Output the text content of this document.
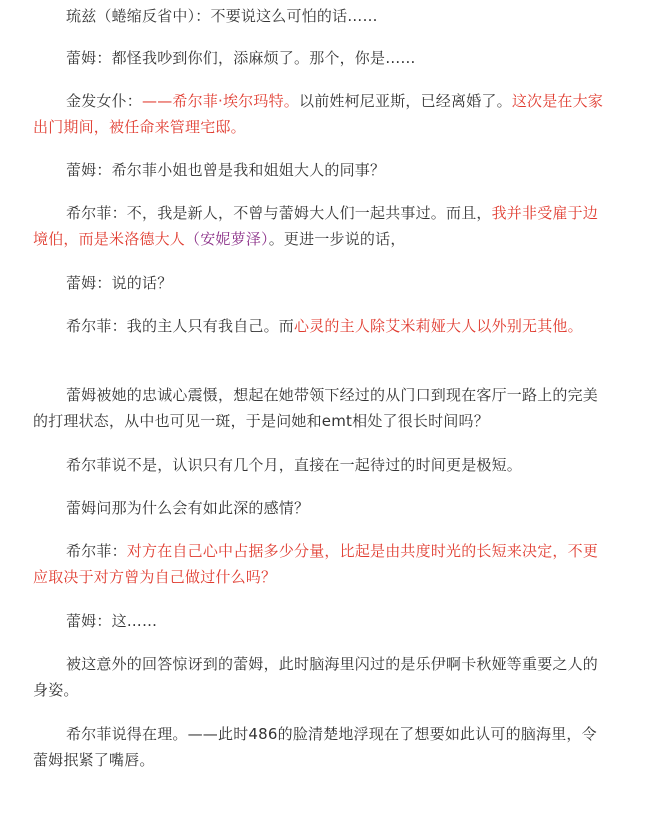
琉兹（蜷缩反省中）：不要说这么可怕的话……

蕾姆：都怪我吵到你们，添麻烦了。那个，你是……

金发女仆：——希尔菲·埃尔玛特。以前姓柯尼亚斯，已经离婚了。这次是在大家出门期间，被任命来管理宅邸。

蕾姆：希尔菲小姐也曾是我和姐姐大人的同事？

希尔菲：不，我是新人，不曾与蕾姆大人们一起共事过。而且，我并非受雇于边境伯，而是米洛德大人（安妮萝泽）。更进一步说的话，

蕾姆：说的话？

希尔菲：我的主人只有我自己。而心灵的主人除艾米莉娅大人以外别无其他。

蕾姆被她的忠诚心震慑，想起在她带领下经过的从门口到现在客厅一路上的完美的打理状态，从中也可见一斑，于是问她和emt相处了很长时间吗？

希尔菲说不是，认识只有几个月，直接在一起待过的时间更是极短。

蕾姆问那为什么会有如此深的感情？

希尔菲：对方在自己心中占据多少分量，比起是由共度时光的长短来决定，不更应取决于对方曾为自己做过什么吗？

蕾姆：这……

被这意外的回答惊讶到的蕾姆，此时脑海里闪过的是乐伊啊卡秋娅等重要之人的身姿。

希尔菲说得在理。——此时486的脸清楚地浮现在了想要如此认可的脑海里，令蕾姆抿紧了嘴唇。
